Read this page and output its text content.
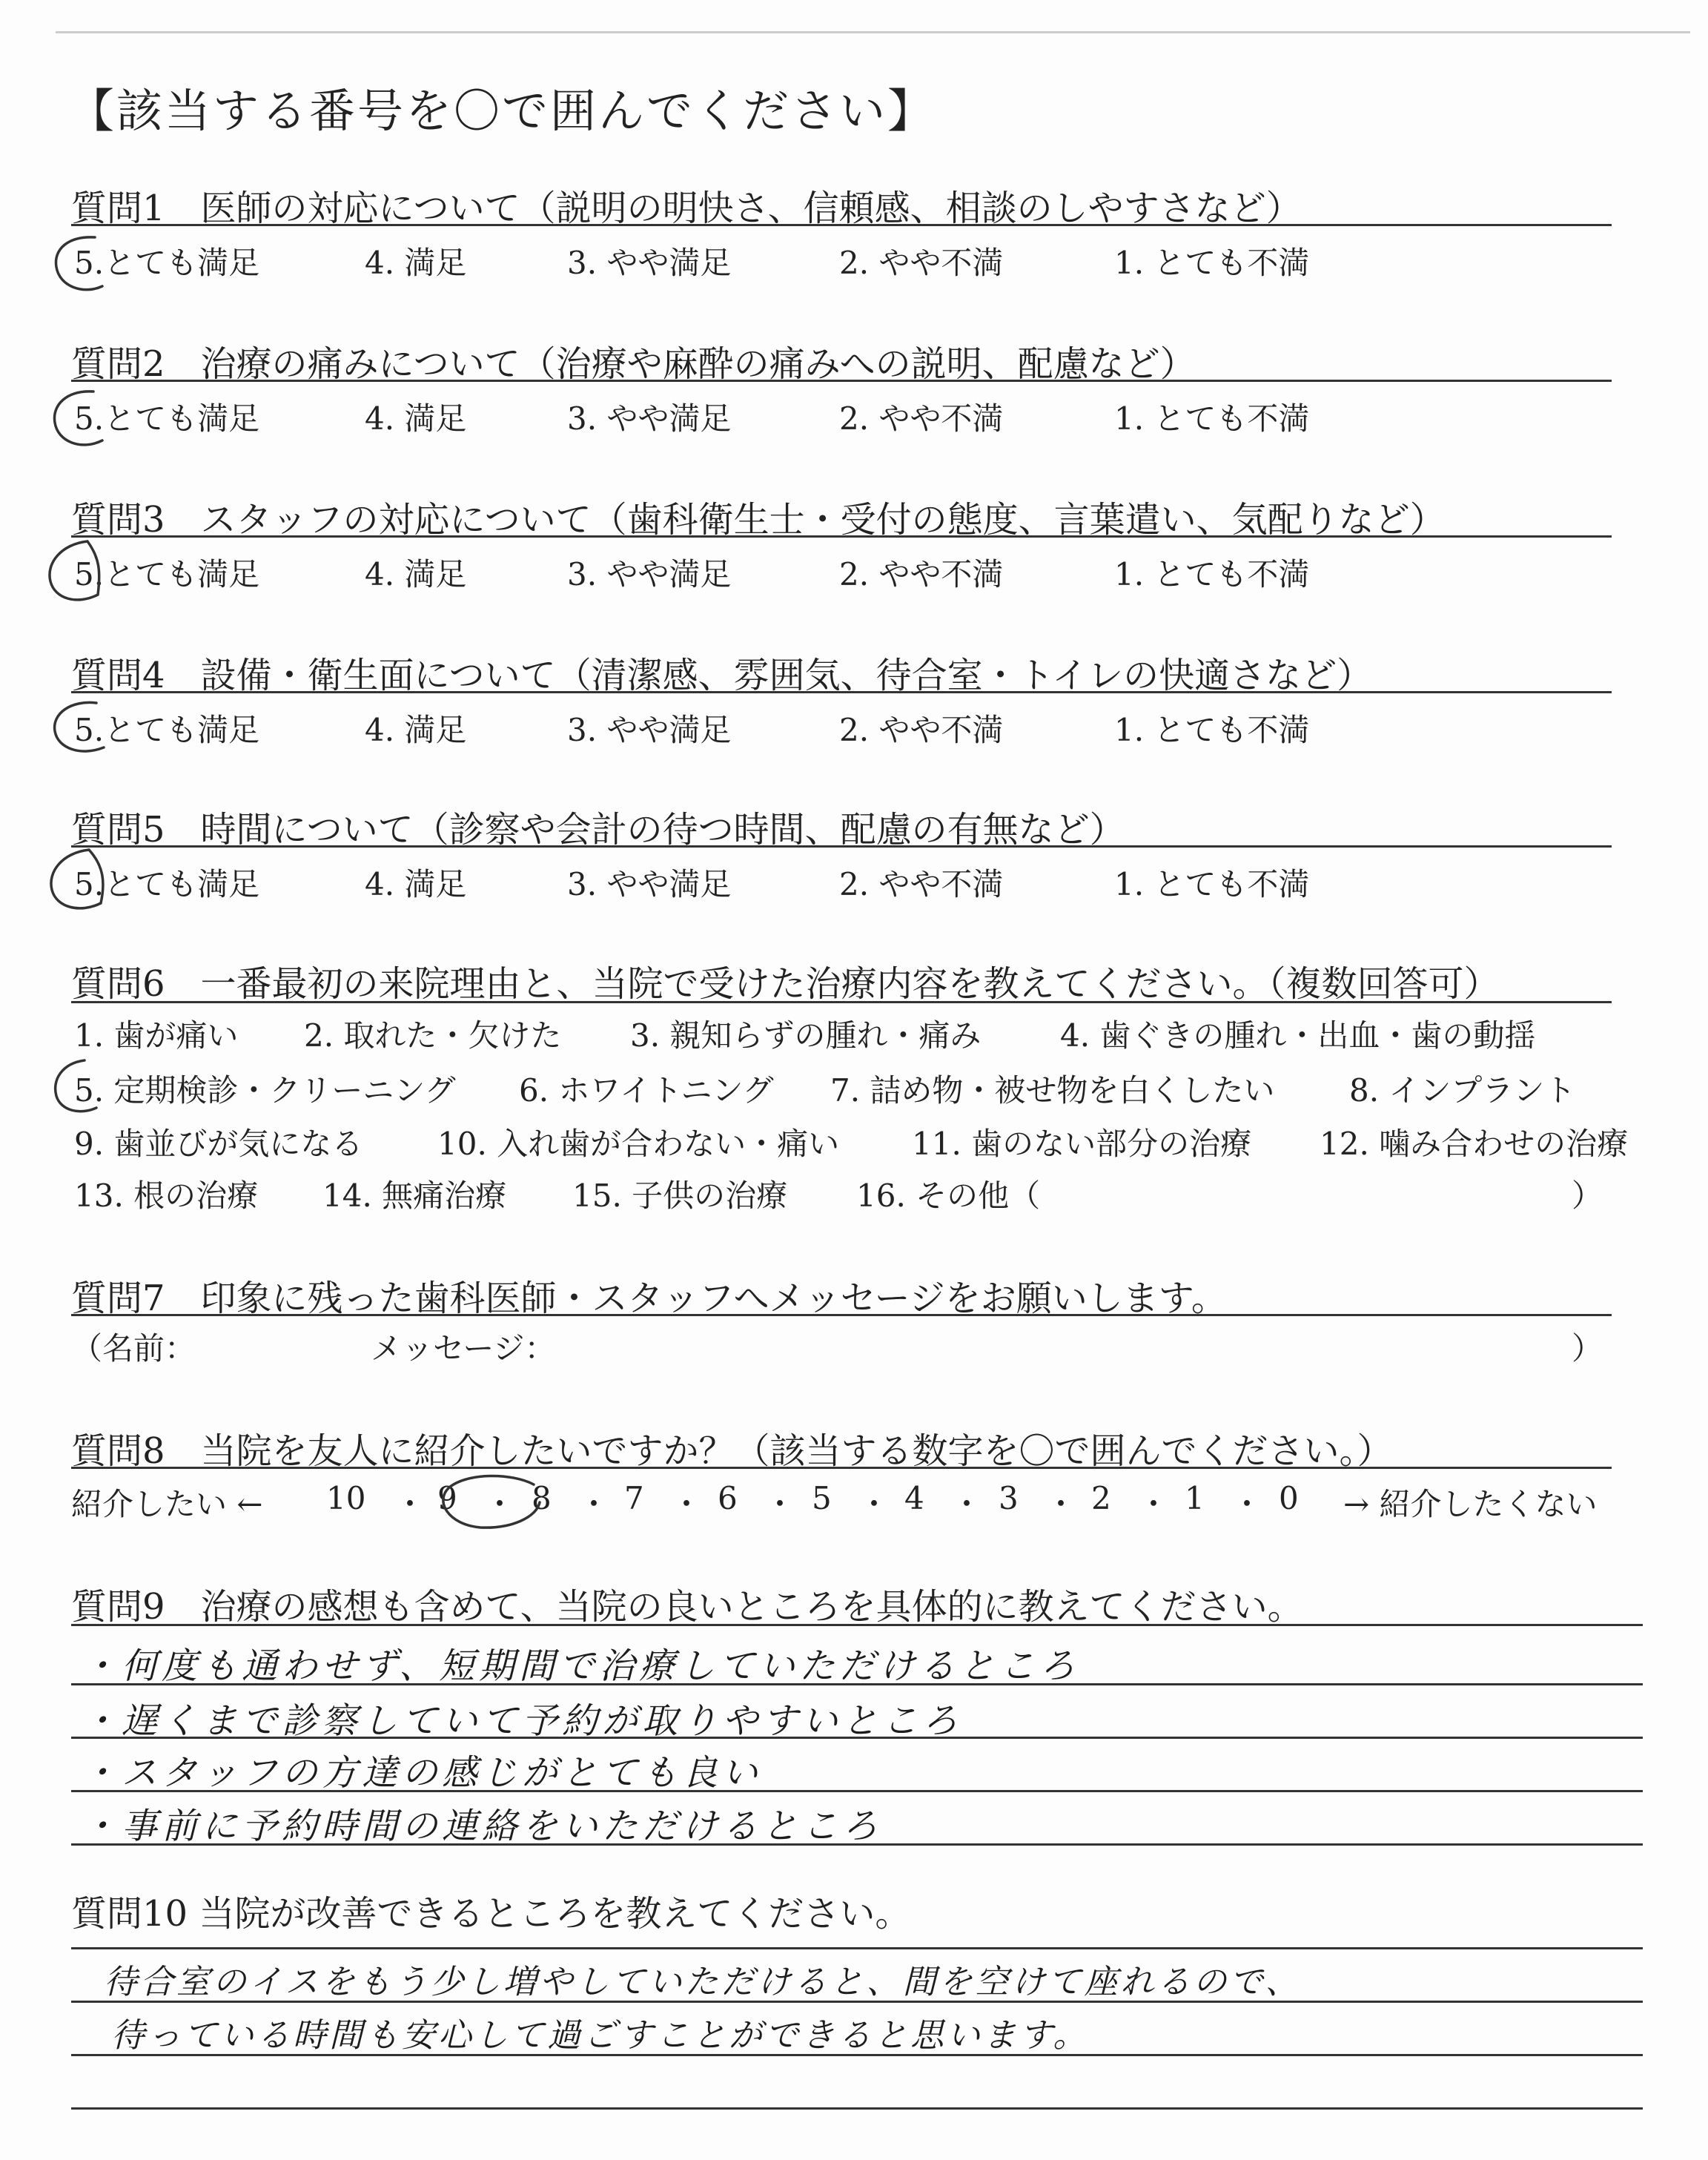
【該当する番号を〇で囲んでください】
質問1　医師の対応について（説明の明快さ、信頼感、相談のしやすさなど）
5.とても満足	4. 満足	3. やや満足	2. やや不満	1. とても不満
質問2　治療の痛みについて（治療や麻酔の痛みへの説明、配慮など）
5.とても満足	4. 満足	3. やや満足	2. やや不満	1. とても不満
質問3　スタッフの対応について（歯科衛生士・受付の態度、言葉遣い、気配りなど）
5.とても満足	4. 満足	3. やや満足	2. やや不満	1. とても不満
質問4　設備・衛生面について（清潔感、雰囲気、待合室・トイレの快適さなど）
5.とても満足	4. 満足	3. やや満足	2. やや不満	1. とても不満
質問5　時間について（診察や会計の待つ時間、配慮の有無など）
5.とても満足	4. 満足	3. やや満足	2. やや不満	1. とても不満
質問6　一番最初の来院理由と、当院で受けた治療内容を教えてください。（複数回答可）
1. 歯が痛い 2. 取れた・欠けた 3. 親知らずの腫れ・痛み	4. 歯ぐきの腫れ・出血・歯の動揺
5. 定期検診・クリーニング 6. ホワイトニング 7. 詰め物・被せ物を白くしたい 8. インプラント
9. 歯並びが気になる 10. 入れ歯が合わない・痛い 11. 歯のない部分の治療 12. 噛み合わせの治療
13. 根の治療 14. 無痛治療 15. 子供の治療 16. その他（	）
質問7　印象に残った歯科医師・スタッフへメッセージをお願いします。
（名前：	メッセージ：	）
質問8　当院を友人に紹介したいですか？（該当する数字を〇で囲んでください。）
紹介したい ← 10 ・ 9 ・ 8 ・ 7 ・ 6 ・ 5 ・ 4 ・ 3 ・ 2 ・ 1 ・ 0 → 紹介したくない
質問9　治療の感想も含めて、当院の良いところを具体的に教えてください。
・何度も通わせず、短期間で治療していただけるところ
・遅くまで診察していて予約が取りやすいところ
・スタッフの方達の感じがとても良い
・事前に予約時間の連絡をいただけるところ
質問10 当院が改善できるところを教えてください。
待合室のイスをもう少し増やしていただけると、間を空けて座れるので、
待っている時間も安心して過ごすことができると思います。
